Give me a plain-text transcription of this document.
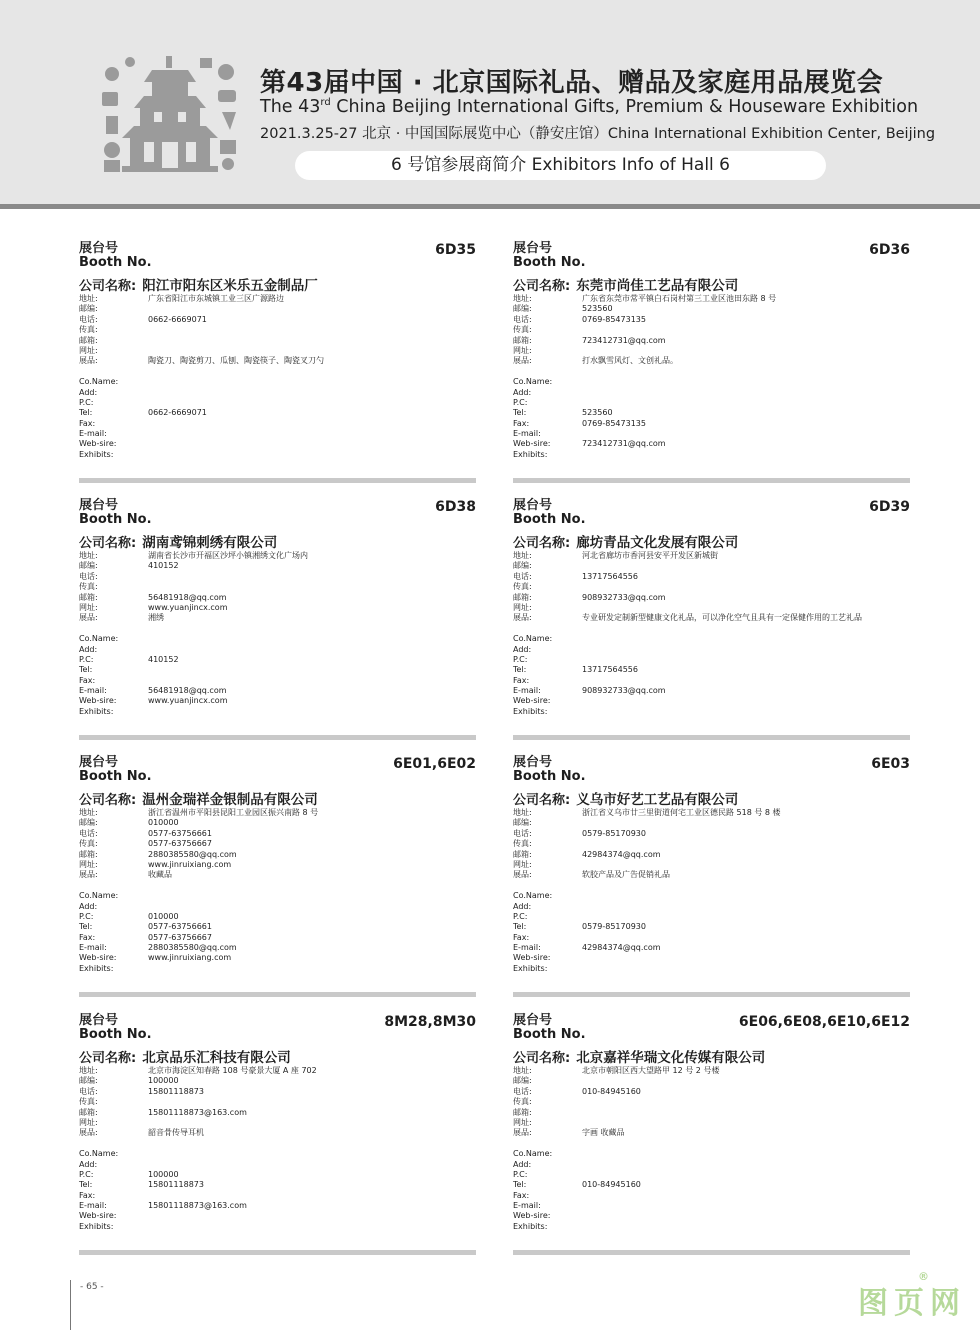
第43届中国 · 北京国际礼品、赠品及家庭用品展览会
The 43rd China Beijing International Gifts, Premium & Houseware Exhibition
2021.3.25-27 北京 · 中国国际展览中心（静安庄馆）China International Exhibition Center, Beijing
6 号馆参展商简介 Exhibitors Info of Hall 6
展台号
Booth No.
6D35
公司名称: 阳江市阳东区米乐五金制品厂
地址:	广东省阳江市东城镇工业三区广源路边
邮编:
电话:	0662-6669071
传真:
邮箱:
网址:
展品:	陶瓷刀、陶瓷剪刀、瓜刨、陶瓷筷子、陶瓷叉刀勺
Co.Name:
Add:
P.C:
Tel:	0662-6669071
Fax:
E-mail:
Web-sire:
Exhibits:
展台号
Booth No.
6D36
公司名称: 东莞市尚佳工艺品有限公司
地址:	广东省东莞市常平镇白石岗村第三工业区池田东路 8 号
邮编:	523560
电话:	0769-85473135
传真:
邮箱:	723412731@qq.com
网址:
展品:	打水飘雪风灯、文创礼品。
Co.Name:
Add:
P.C:
Tel:	523560
Fax:	0769-85473135
E-mail:
Web-sire:	723412731@qq.com
Exhibits:
展台号
Booth No.
6D38
公司名称: 湖南鸢锦刺绣有限公司
地址:	湖南省长沙市开福区沙坪小镇湘绣文化广场内
邮编:	410152
电话:
传真:
邮箱:	56481918@qq.com
网址:	www.yuanjincx.com
展品:	湘绣
Co.Name:
Add:
P.C:	410152
Tel:
Fax:
E-mail:	56481918@qq.com
Web-sire:	www.yuanjincx.com
Exhibits:
展台号
Booth No.
6D39
公司名称: 廊坊青品文化发展有限公司
地址:	河北省廊坊市香河县安平开发区新城街
邮编:
电话:	13717564556
传真:
邮箱:	908932733@qq.com
网址:
展品:	专业研发定制新型健康文化礼品，可以净化空气且具有一定保健作用的工艺礼品
Co.Name:
Add:
P.C:
Tel:	13717564556
Fax:
E-mail:	908932733@qq.com
Web-sire:
Exhibits:
展台号
Booth No.
6E01,6E02
公司名称: 温州金瑞祥金银制品有限公司
地址:	浙江省温州市平阳县昆阳工业园区振兴南路 8 号
邮编:	010000
电话:	0577-63756661
传真:	0577-63756667
邮箱:	2880385580@qq.com
网址:	www.jinruixiang.com
展品:	收藏品
Co.Name:
Add:
P.C:	010000
Tel:	0577-63756661
Fax:	0577-63756667
E-mail:	2880385580@qq.com
Web-sire:	www.jinruixiang.com
Exhibits:
展台号
Booth No.
6E03
公司名称: 义乌市好艺工艺品有限公司
地址:	浙江省义乌市廿三里街道何宅工业区德民路 518 号 8 楼
邮编:
电话:	0579-85170930
传真:
邮箱:	42984374@qq.com
网址:
展品:	软胶产品及广告促销礼品
Co.Name:
Add:
P.C:
Tel:	0579-85170930
Fax:
E-mail:	42984374@qq.com
Web-sire:
Exhibits:
展台号
Booth No.
8M28,8M30
公司名称: 北京品乐汇科技有限公司
地址:	北京市海淀区知春路 108 号豪景大厦 A 座 702
邮编:	100000
电话:	15801118873
传真:
邮箱:	15801118873@163.com
网址:
展品:	韶音骨传导耳机
Co.Name:
Add:
P.C:	100000
Tel:	15801118873
Fax:
E-mail:	15801118873@163.com
Web-sire:
Exhibits:
展台号
Booth No.
6E06,6E08,6E10,6E12
公司名称: 北京嘉祥华瑞文化传媒有限公司
地址:	北京市朝阳区西大望路甲 12 号 2 号楼
邮编:
电话:	010-84945160
传真:
邮箱:
网址:
展品:	字画 收藏品
Co.Name:
Add:
P.C:
Tel:	010-84945160
Fax:
E-mail:
Web-sire:
Exhibits:
- 65 -	图页网
®
